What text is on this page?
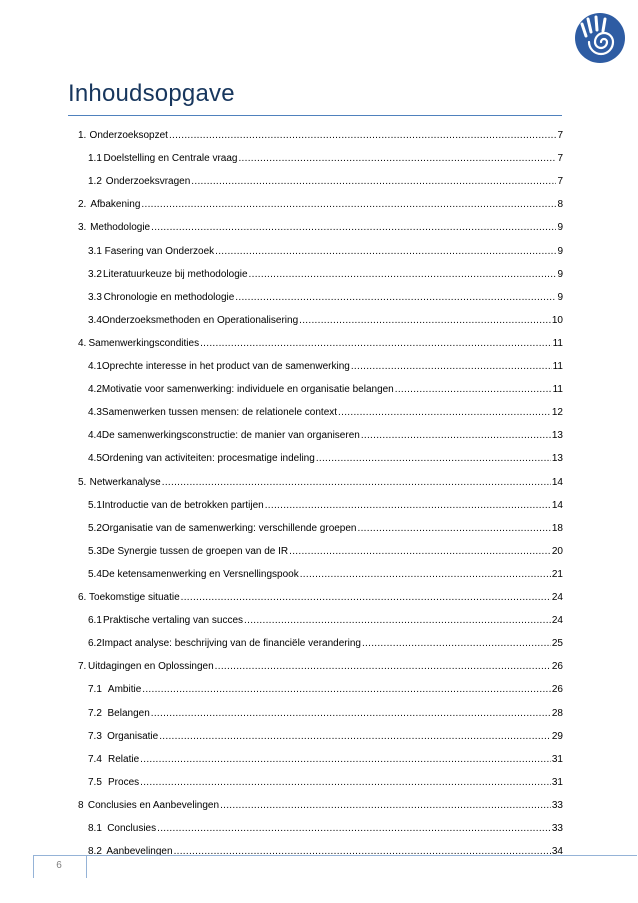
Inhoudsopgave
1. Onderzoeksopzet .....	7
1.1 Doelstelling en Centrale vraag .....	7
1.2 Onderzoeksvragen .....	7
2. Afbakening .....	8
3. Methodologie .....	9
3.1 Fasering van Onderzoek .....	9
3.2 Literatuurkeuze bij methodologie .....	9
3.3 Chronologie en methodologie .....	9
3.4 Onderzoeksmethoden en Operationalisering .....	10
4. Samenwerkingscondities .....	11
4.1 Oprechte interesse in het product van de samenwerking .....	11
4.2 Motivatie voor samenwerking: individuele en organisatie belangen .....	11
4.3 Samenwerken tussen mensen: de relationele context .....	12
4.4 De samenwerkingsconstructie: de manier van organiseren .....	13
4.5 Ordening van activiteiten: procesmatige indeling .....	13
5. Netwerkanalyse .....	14
5.1 Introductie van de betrokken partijen .....	14
5.2 Organisatie van de samenwerking: verschillende groepen .....	18
5.3 De Synergie tussen de groepen van de IR .....	20
5.4 De ketensamenwerking en Versnellingspook .....	21
6. Toekomstige situatie .....	24
6.1 Praktische vertaling van succes .....	24
6.2 Impact analyse: beschrijving van de financiële verandering .....	25
7. Uitdagingen en Oplossingen .....	26
7.1 Ambitie .....	26
7.2 Belangen .....	28
7.3 Organisatie .....	29
7.4 Relatie .....	31
7.5 Proces .....	31
8 Conclusies en Aanbevelingen .....	33
8.1 Conclusies .....	33
8.2 Aanbevelingen .....	34
6
